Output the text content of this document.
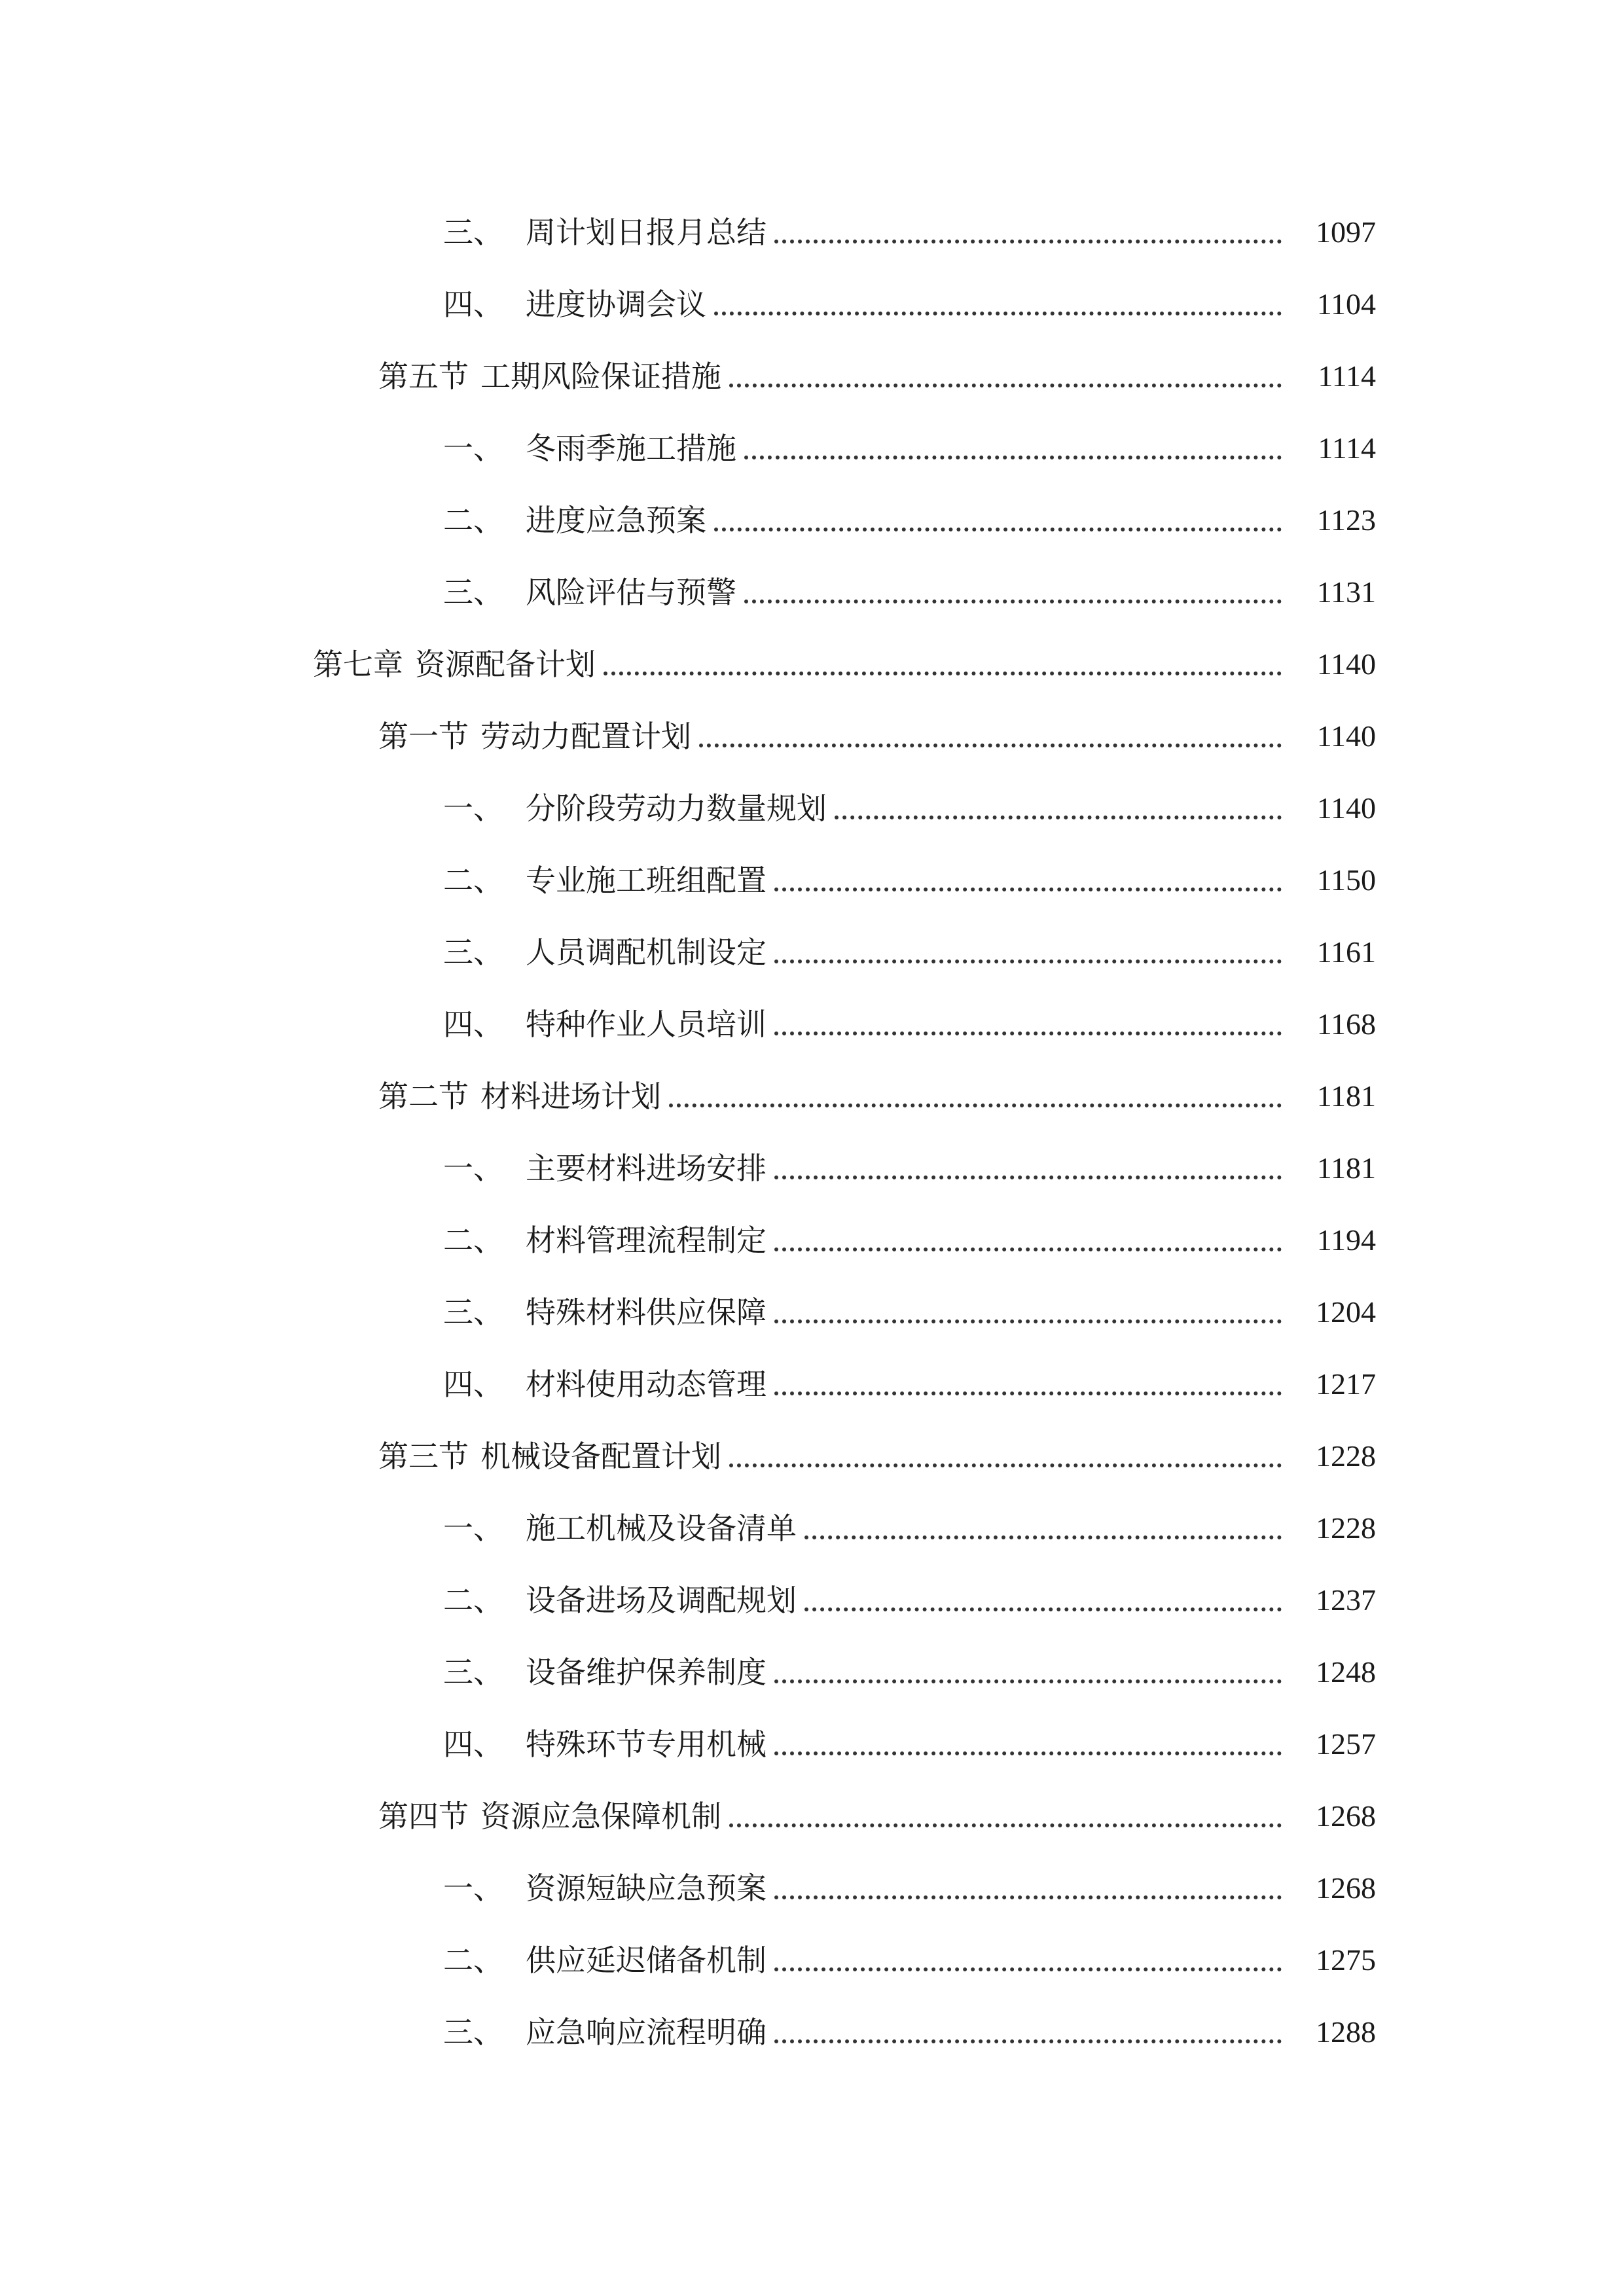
三、 周计划日报月总结	1097
四、 进度协调会议	1104
第五节 工期风险保证措施	1114
一、 冬雨季施工措施	1114
二、 进度应急预案	1123
三、 风险评估与预警	1131
第七章 资源配备计划	1140
第一节 劳动力配置计划	1140
一、 分阶段劳动力数量规划	1140
二、 专业施工班组配置	1150
三、 人员调配机制设定	1161
四、 特种作业人员培训	1168
第二节 材料进场计划	1181
一、 主要材料进场安排	1181
二、 材料管理流程制定	1194
三、 特殊材料供应保障	1204
四、 材料使用动态管理	1217
第三节 机械设备配置计划	1228
一、 施工机械及设备清单	1228
二、 设备进场及调配规划	1237
三、 设备维护保养制度	1248
四、 特殊环节专用机械	1257
第四节 资源应急保障机制	1268
一、 资源短缺应急预案	1268
二、 供应延迟储备机制	1275
三、 应急响应流程明确	1288
